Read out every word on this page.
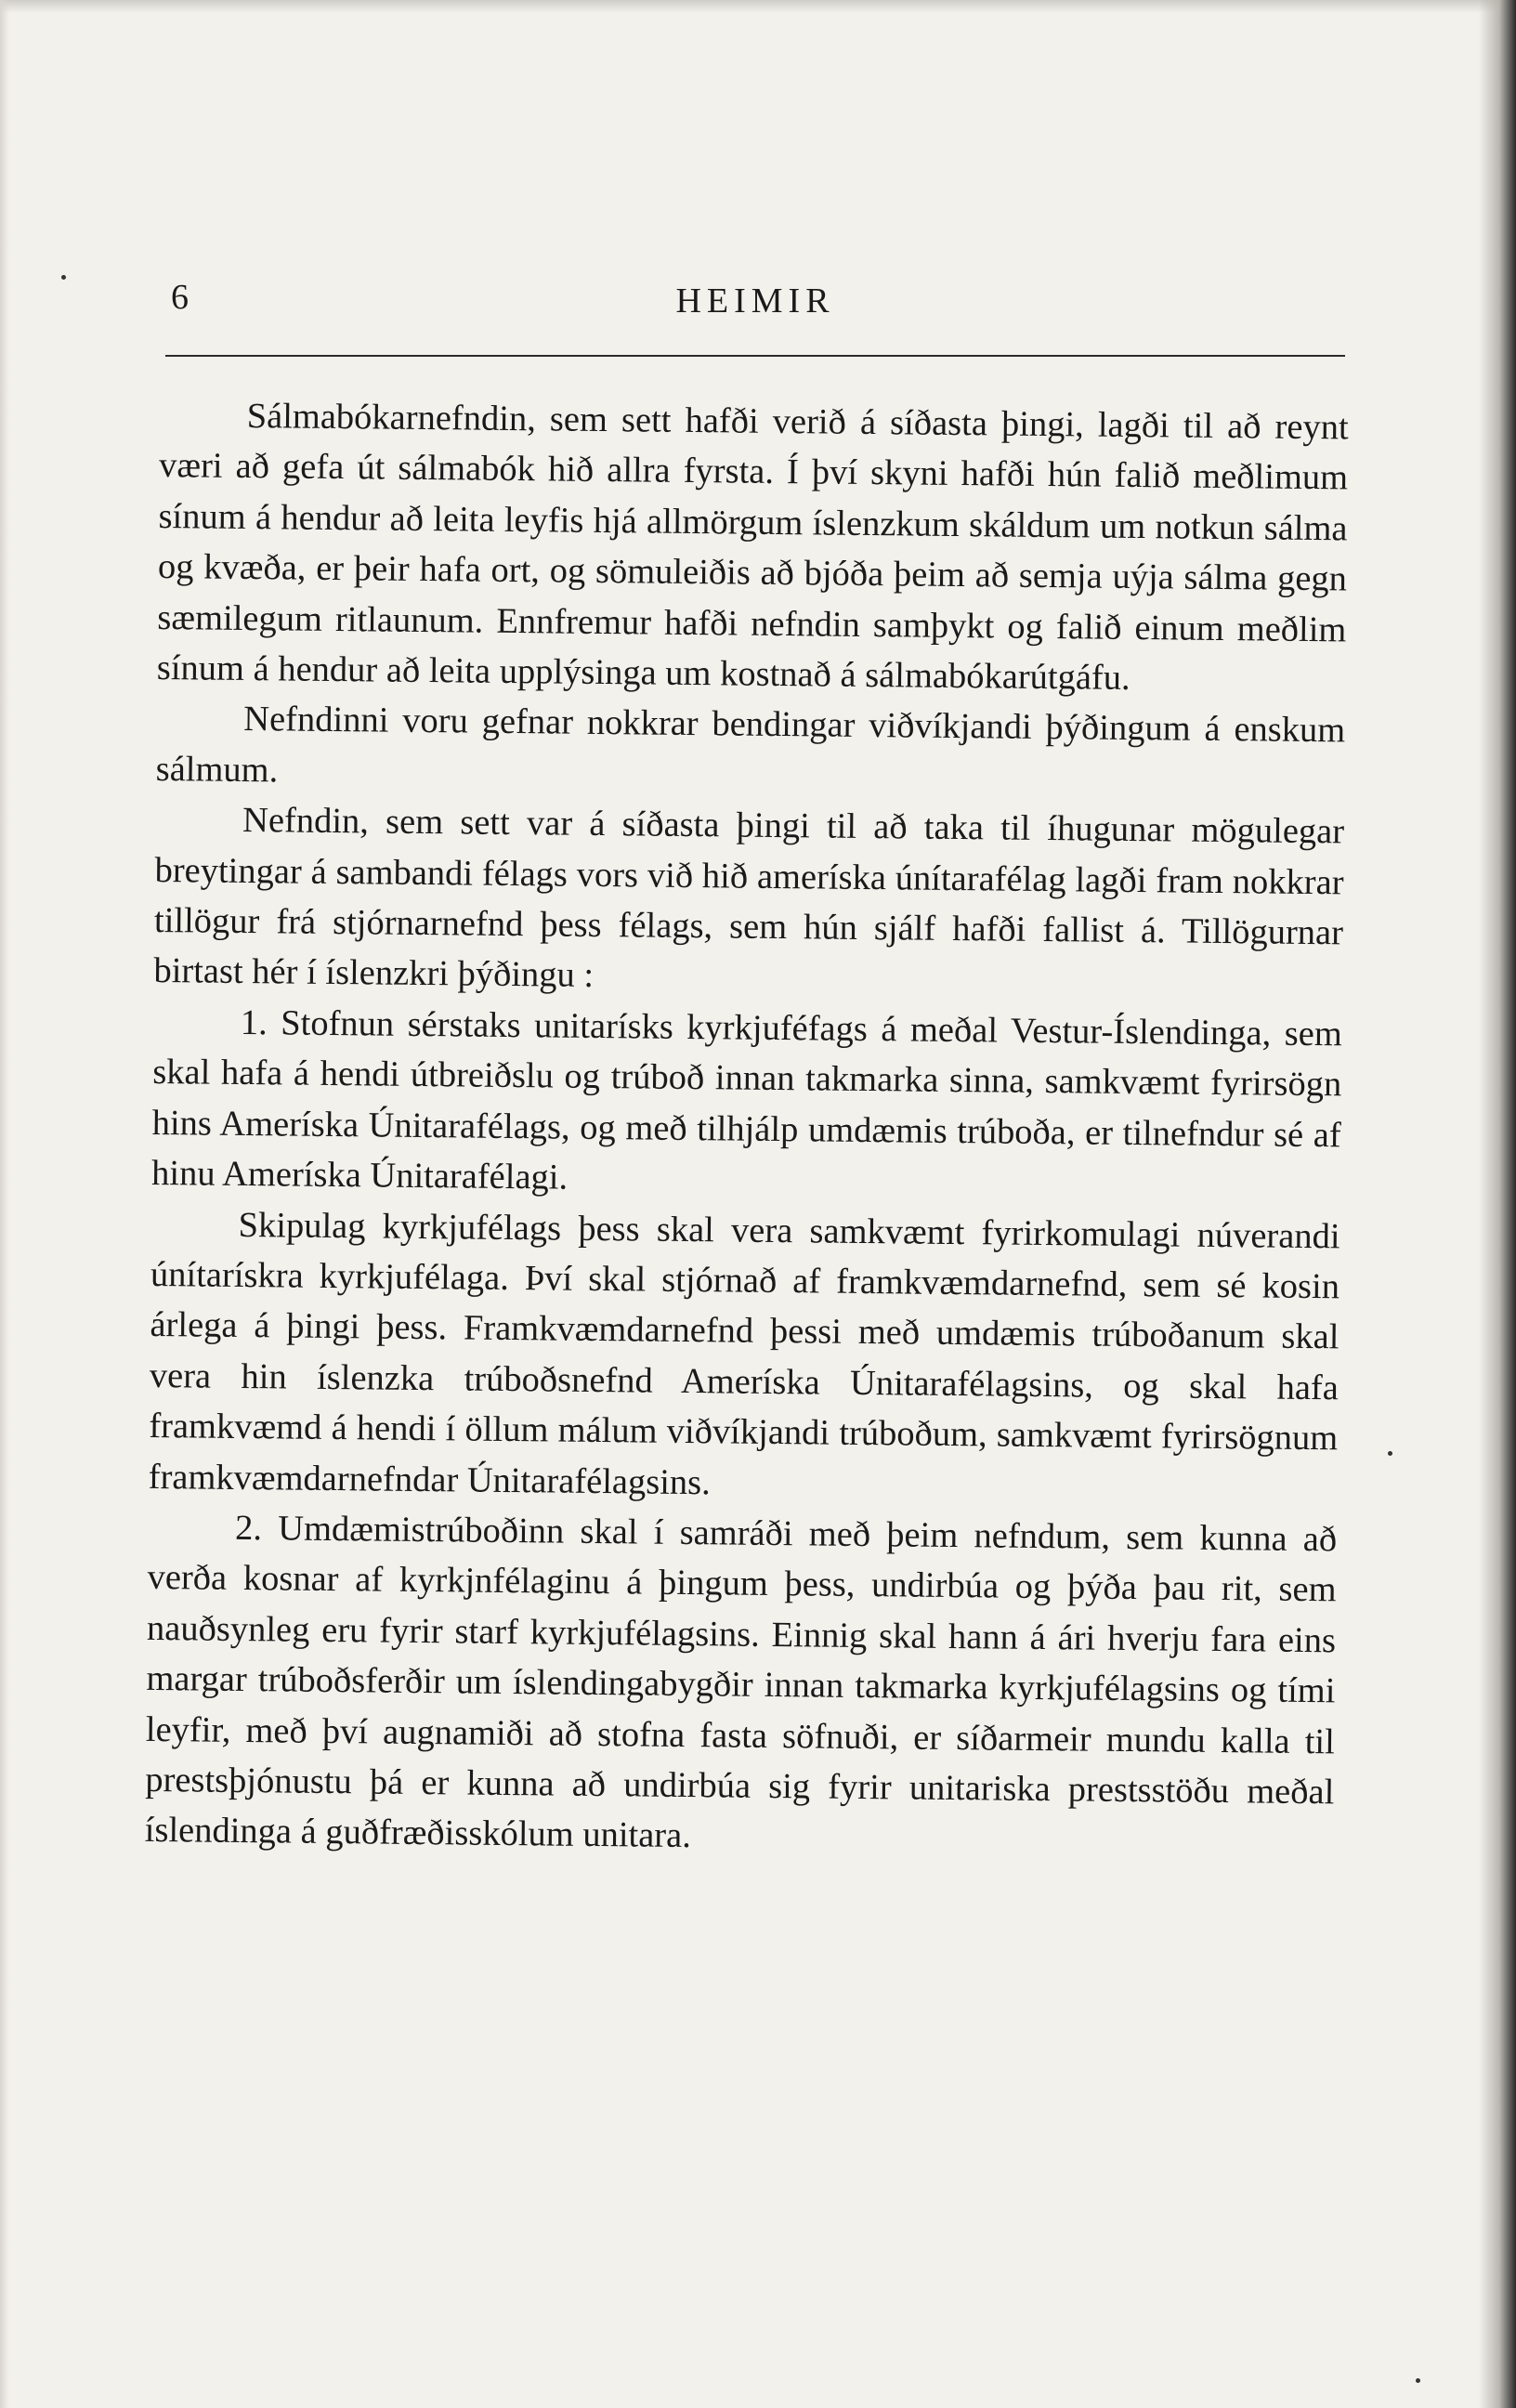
6	HEIMIR

Sálmabókarnefndin, sem sett hafði verið á síðasta þingi, lagði til að reynt væri að gefa út sálmabók hið allra fyrsta. Í því skyni hafði hún falið meðlimum sínum á hendur að leita leyfis hjá allmörgum íslenzkum skáldum um notkun sálma og kvæða, er þeir hafa ort, og sömuleiðis að bjóða þeim að semja uýja sálma gegn sæmilegum ritlaunum. Ennfremur hafði nefndin samþykt og falið einum meðlim sínum á hendur að leita upplýsinga um kostnað á sálmabókarútgáfu.

Nefndinni voru gefnar nokkrar bendingar viðvíkjandi þýðingum á enskum sálmum.

Nefndin, sem sett var á síðasta þingi til að taka til íhugunar mögulegar breytingar á sambandi félags vors við hið ameríska únítarafélag lagði fram nokkrar tillögur frá stjórnarnefnd þess félags, sem hún sjálf hafði fallist á. Tillögurnar birtast hér í íslenzkri þýðingu :

1. Stofnun sérstaks unitarísks kyrkjuféfags á meðal Vestur-Íslendinga, sem skal hafa á hendi útbreiðslu og trúboð innan takmarka sinna, samkvæmt fyrirsögn hins Ameríska Únitarafélags, og með tilhjálp umdæmis trúboða, er tilnefndur sé af hinu Ameríska Únitarafélagi.

Skipulag kyrkjufélags þess skal vera samkvæmt fyrirkomulagi núverandi únítarískra kyrkjufélaga. Því skal stjórnað af framkvæmdarnefnd, sem sé kosin árlega á þingi þess. Framkvæmdarnefnd þessi með umdæmis trúboðanum skal vera hin íslenzka trúboðsnefnd Ameríska Únitarafélagsins, og skal hafa framkvæmd á hendi í öllum málum viðvíkjandi trúboðum, samkvæmt fyrirsögnum framkvæmdarnefndar Únitarafélagsins.

2. Umdæmistrúboðinn skal í samráði með þeim nefndum, sem kunna að verða kosnar af kyrkjnfélaginu á þingum þess, undirbúa og þýða þau rit, sem nauðsynleg eru fyrir starf kyrkjufélagsins. Einnig skal hann á ári hverju fara eins margar trúboðsferðir um íslendingabygðir innan takmarka kyrkjufélagsins og tími leyfir, með því augnamiði að stofna fasta söfnuði, er síðarmeir mundu kalla til prestsþjónustu þá er kunna að undirbúa sig fyrir unitariska prestsstöðu meðal íslendinga á guðfræðisskólum unitara.
